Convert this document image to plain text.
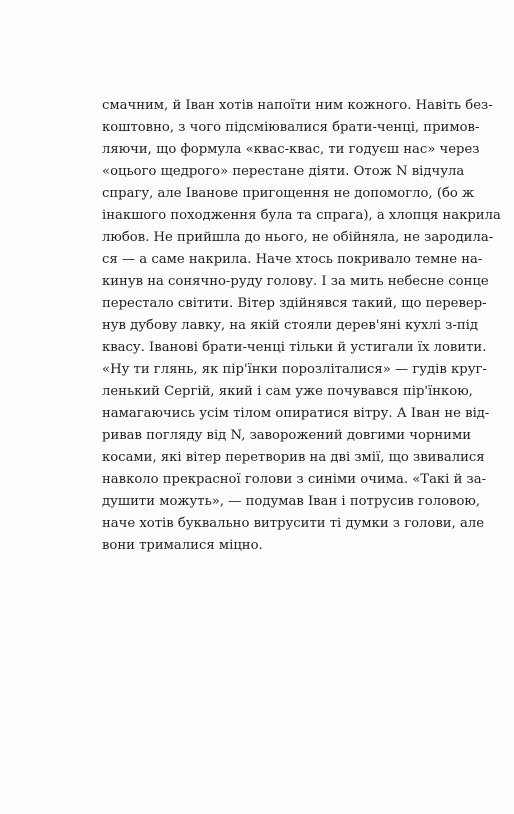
смачним, й Іван хотів напоїти ним кожного. Навіть без-
коштовно, з чого підсміювалися брати-ченці, примов-
ляючи, що формула «квас-квас, ти годуєш нас» через
«оцього щедрого» перестане діяти. Отож N відчула
спрагу, але Іванове пригощення не допомогло, (бо ж
інакшого походження була та спрага), а хлопця накрила
любов. Не прийшла до нього, не обійняла, не зародила-
ся — а саме накрила. Наче хтось покривало темне на-
кинув на сонячно-руду голову. І за мить небесне сонце
перестало світити. Вітер здійнявся такий, що перевер-
нув дубову лавку, на якій стояли дерев'яні кухлі з-під
квасу. Іванові брати-ченці тільки й устигали їх ловити.
«Ну ти глянь, як пір'їнки порозліталися» — гудів круг-
ленький Сергій, який і сам уже почувався пір'їнкою,
намагаючись усім тілом опиратися вітру. А Іван не від-
ривав погляду від N, заворожений довгими чорними
косами, які вітер перетворив на дві змії, що звивалися
навколо прекрасної голови з синіми очима. «Такі й за-
душити можуть», — подумав Іван і потрусив головою,
наче хотів буквально витрусити ті думки з голови, але
вони трималися міцно.
